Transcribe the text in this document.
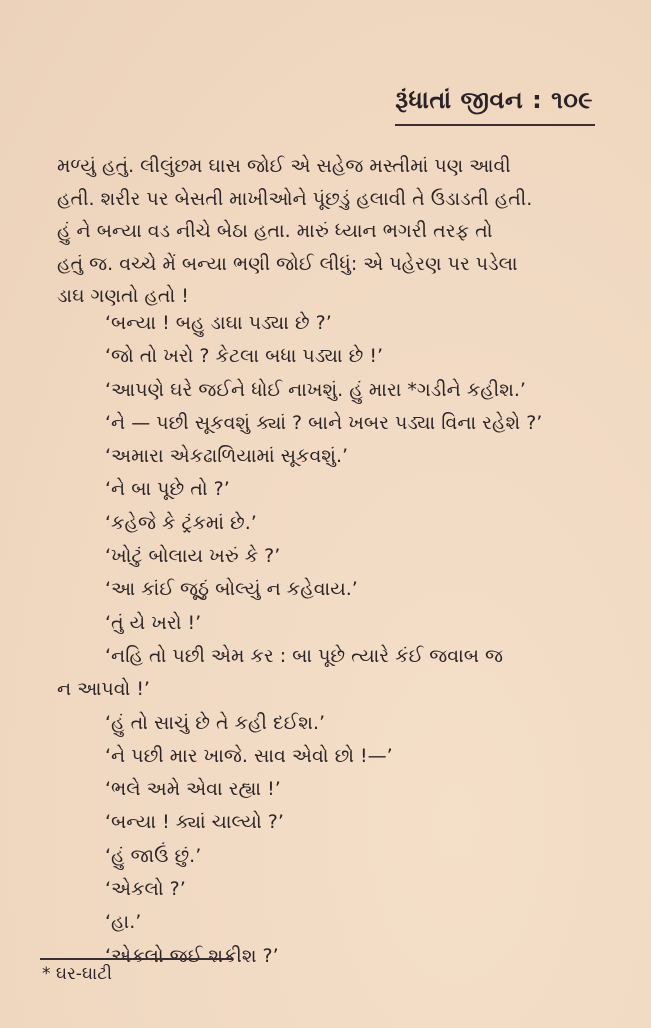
રૂંધાતાં જીવન : ૧૦૯
મળ્યું હતું. લીલુંછમ ઘાસ જોઈ એ સહેજ મસ્તીમાં પણ આવી
હતી. શરીર પર બેસતી માખીઓને પૂંછડું હલાવી તે ઉડાડતી હતી.
હું ને બન્યા વડ નીચે બેઠા હતા. મારું ધ્યાન ભગરી તરફ તો
હતું જ. વચ્ચે મેં બન્યા ભણી જોઈ લીધું: એ પહેરણ પર પડેલા
ડાઘ ગણતો હતો !
‘બન્યા ! બહુ ડાઘા પડ્યા છે ?’
‘જો તો ખરો ? કેટલા બધા પડ્યા છે !’
‘આપણે ઘરે જઈને ધોઈ નાખશું. હું મારા *ગડીને કહીશ.’
‘ને — પછી સૂકવશું ક્યાં ? બાને ખબર પડ્યા વિના રહેશે ?’
‘અમારા એકઢાળિયામાં સૂકવશું.’
‘ને બા પૂછે તો ?’
‘કહેજે કે ટ્રંકમાં છે.’
‘ખોટું બોલાય ખરું કે ?’
‘આ કાંઈ જૂઠું બોલ્યું ન કહેવાય.’
‘તું યે ખરો !’
‘નહિ તો પછી એમ કર : બા પૂછે ત્યારે કંઈ જવાબ જ
ન આપવો !’
‘હું તો સાચું છે તે કહી દઈશ.’
‘ને પછી માર ખાજે. સાવ એવો છો !—’
‘ભલે અમે એવા રહ્યા !’
‘બન્યા ! ક્યાં ચાલ્યો ?’
‘હું જાઉં છું.’
‘એકલો ?’
‘હા.’
‘એકલો જઈ શકીશ ?’
* ઘર-ઘાટી
